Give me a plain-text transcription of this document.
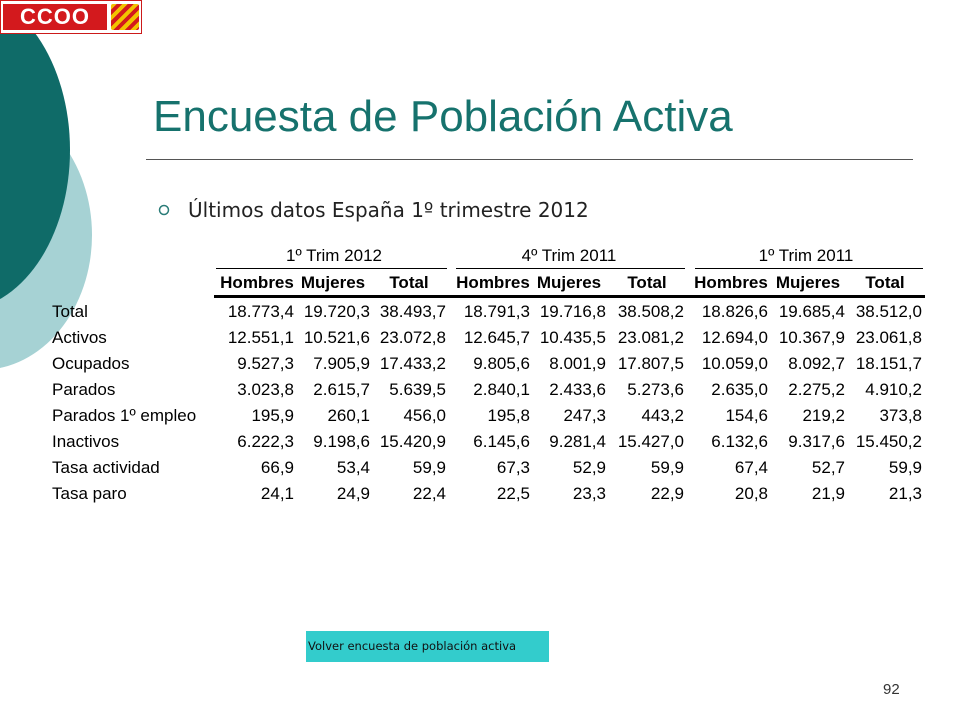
CCOO
Encuesta de Población Activa
Últimos datos España 1º trimestre 2012
1º Trim 2012	4º Trim 2011	1º Trim 2011
Hombres Mujeres	Total	Hombres Mujeres	Total	Hombres Mujeres	Total
Total	18.773,4 19.720,3 38.493,7	18.791,3 19.716,8 38.508,2	18.826,6 19.685,4 38.512,0
Activos	12.551,1 10.521,6 23.072,8	12.645,7 10.435,5 23.081,2	12.694,0 10.367,9 23.061,8
Ocupados	9.527,3	7.905,9 17.433,2	9.805,6	8.001,9 17.807,5	10.059,0	8.092,7 18.151,7
Parados	3.023,8	2.615,7	5.639,5	2.840,1	2.433,6	5.273,6	2.635,0	2.275,2	4.910,2
Parados 1º empleo	195,9	260,1	456,0	195,8	247,3	443,2	154,6	219,2	373,8
Inactivos	6.222,3	9.198,6 15.420,9	6.145,6	9.281,4 15.427,0	6.132,6	9.317,6 15.450,2
Tasa actividad	66,9	53,4	59,9	67,3	52,9	59,9	67,4	52,7	59,9
Tasa paro	24,1	24,9	22,4	22,5	23,3	22,9	20,8	21,9	21,3
Volver encuesta de población activa
92
